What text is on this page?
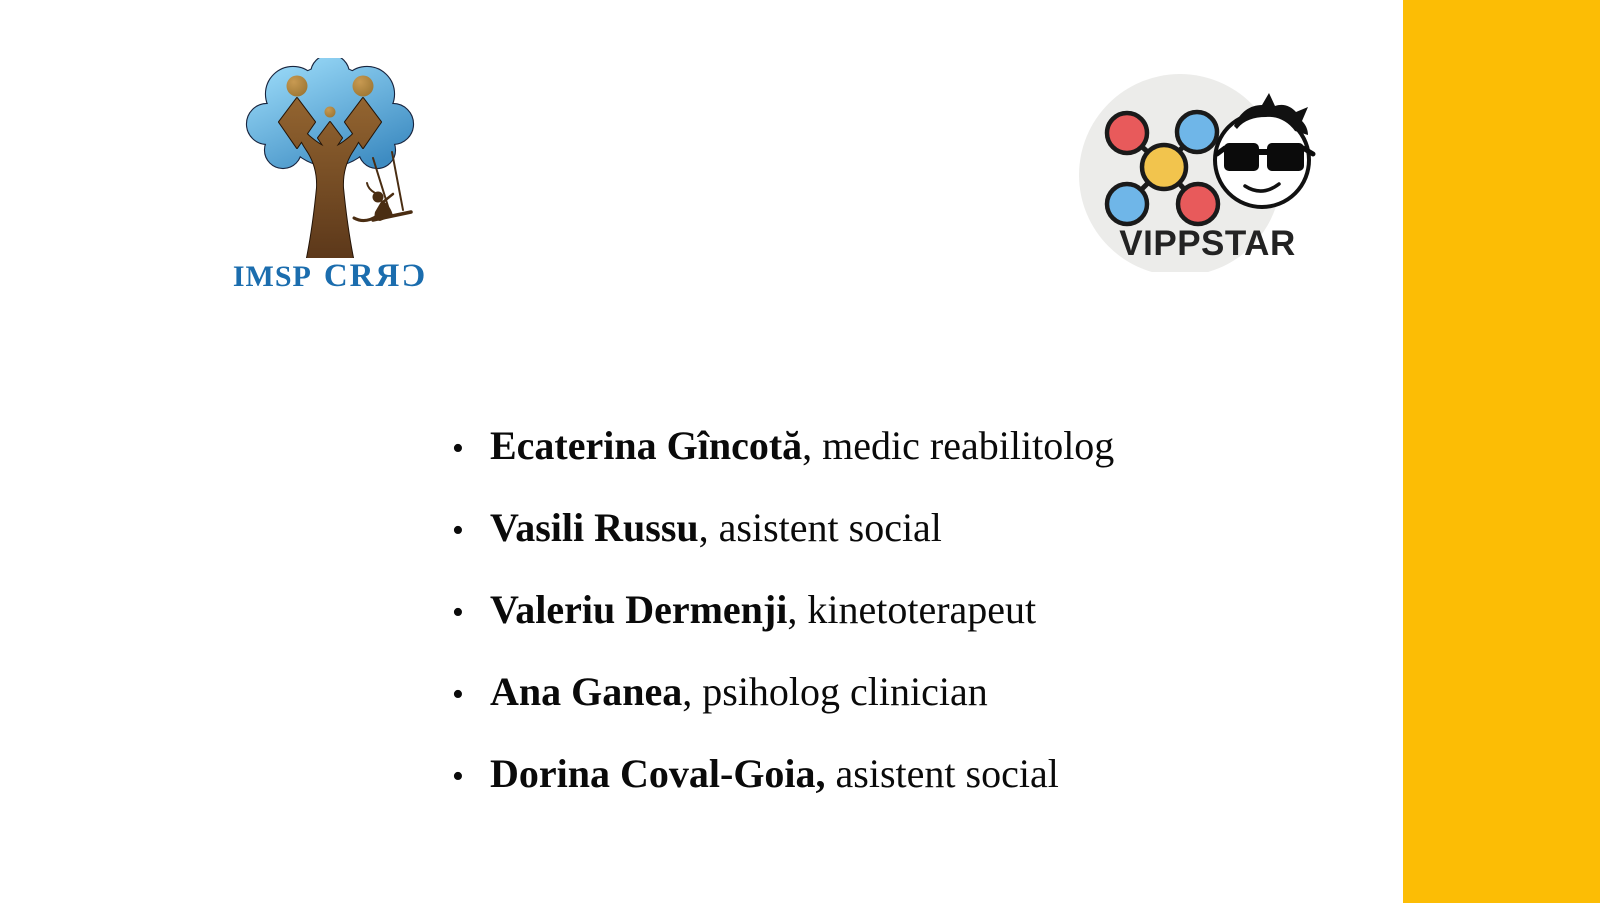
IMSP CRЯƆ
VIPPSTAR
• Ecaterina Gîncotă, medic reabilitolog
• Vasili Russu, asistent social
• Valeriu Dermenji, kinetoterapeut
• Ana Ganea, psiholog clinician
• Dorina Coval-Goia, asistent social
